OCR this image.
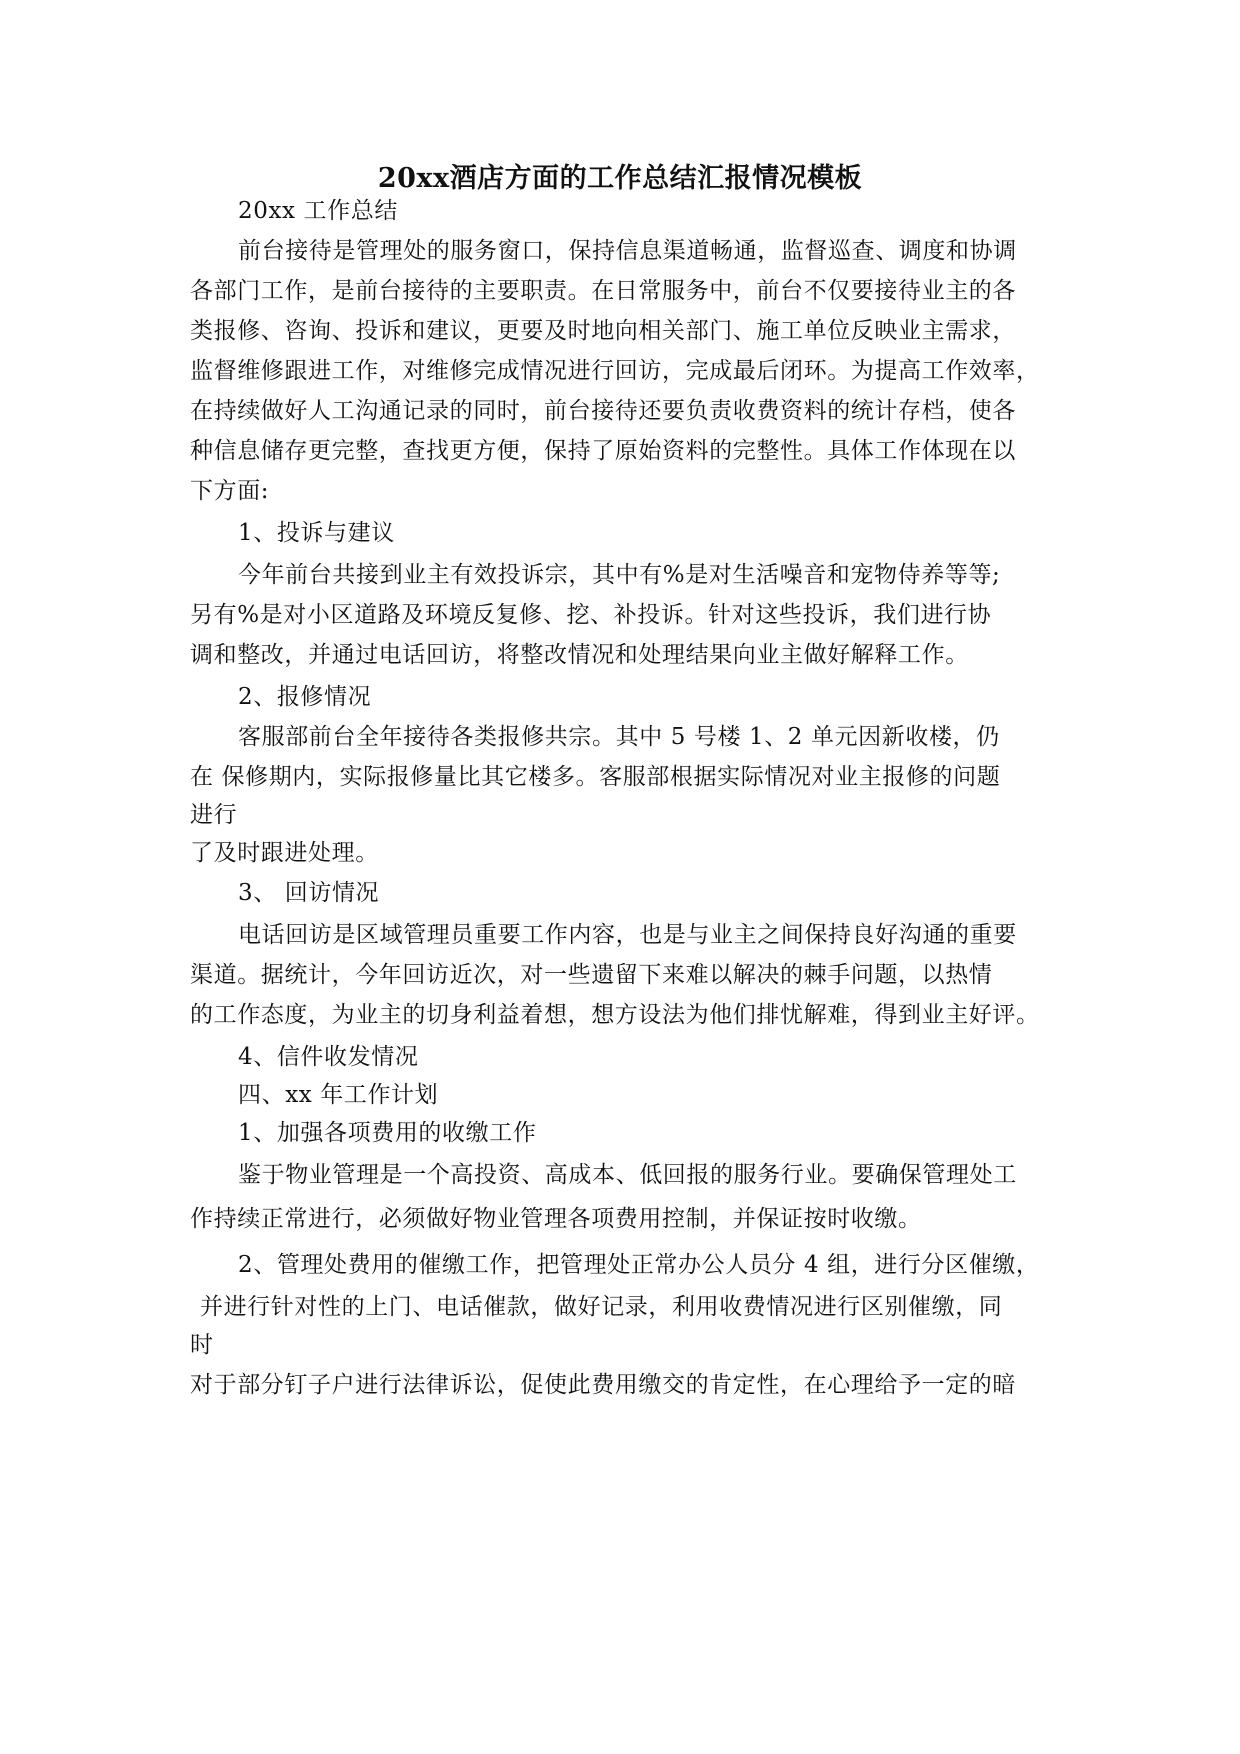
20xx酒店方面的工作总结汇报情况模板
20xx 工作总结
前台接待是管理处的服务窗口，保持信息渠道畅通，监督巡查、调度和协调
各部门工作，是前台接待的主要职责。在日常服务中，前台不仅要接待业主的各
类报修、咨询、投诉和建议，更要及时地向相关部门、施工单位反映业主需求，
监督维修跟进工作，对维修完成情况进行回访，完成最后闭环。为提高工作效率，
在持续做好人工沟通记录的同时，前台接待还要负责收费资料的统计存档，使各
种信息储存更完整，查找更方便，保持了原始资料的完整性。具体工作体现在以
下方面:
1、投诉与建议
今年前台共接到业主有效投诉宗，其中有%是对生活噪音和宠物侍养等等;
另有%是对小区道路及环境反复修、挖、补投诉。针对这些投诉，我们进行协
调和整改，并通过电话回访，将整改情况和处理结果向业主做好解释工作。
2、报修情况
客服部前台全年接待各类报修共宗。其中 5 号楼 1、2 单元因新收楼，仍
在 保修期内，实际报修量比其它楼多。客服部根据实际情况对业主报修的问题
进行
了及时跟进处理。
3、 回访情况
电话回访是区域管理员重要工作内容，也是与业主之间保持良好沟通的重要
渠道。据统计，今年回访近次，对一些遗留下来难以解决的棘手问题，以热情
的工作态度，为业主的切身利益着想，想方设法为他们排忧解难，得到业主好评。
4、信件收发情况
四、xx 年工作计划
1、加强各项费用的收缴工作
鉴于物业管理是一个高投资、高成本、低回报的服务行业。要确保管理处工
作持续正常进行，必须做好物业管理各项费用控制，并保证按时收缴。
2、管理处费用的催缴工作，把管理处正常办公人员分 4 组，进行分区催缴，
并进行针对性的上门、电话催款，做好记录，利用收费情况进行区别催缴，同
时
对于部分钉子户进行法律诉讼，促使此费用缴交的肯定性，在心理给予一定的暗
